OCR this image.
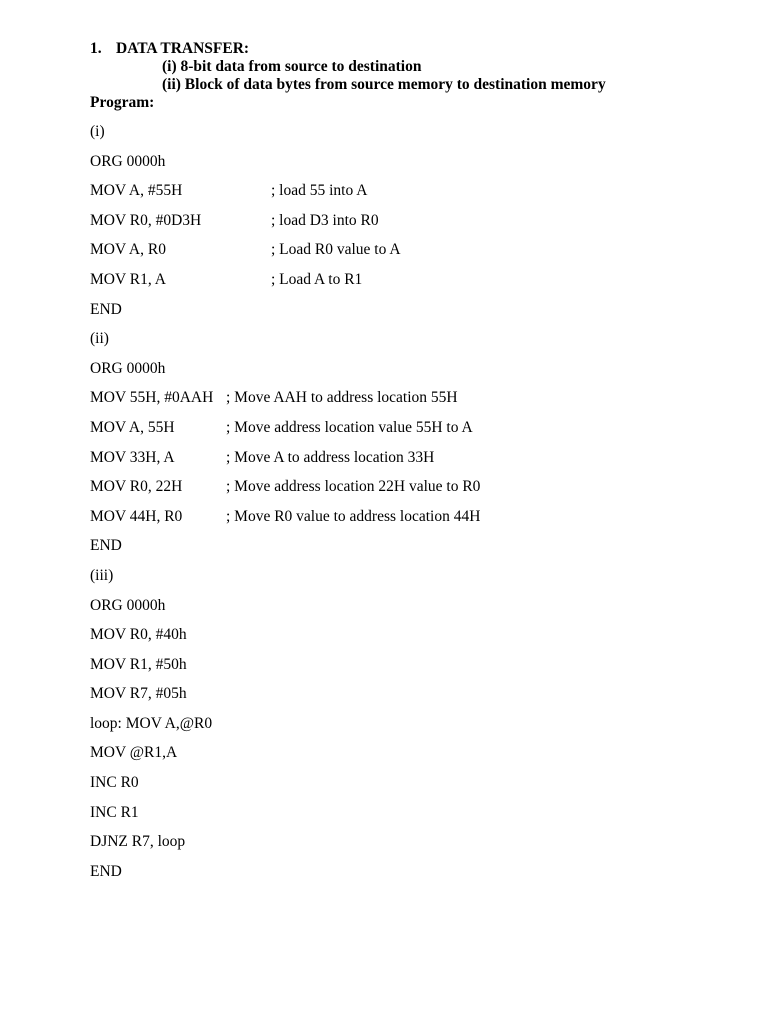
1. DATA TRANSFER:
(i) 8-bit data from source to destination
(ii) Block of data bytes from source memory to destination memory
Program:
(i)
ORG 0000h
MOV A, #55H	; load 55 into A
MOV R0, #0D3H	; load D3 into R0
MOV A, R0	; Load R0 value to A
MOV R1, A	; Load A to R1
END
(ii)
ORG 0000h
MOV 55H, #0AAH ; Move AAH to address location 55H
MOV A, 55H	; Move address location value 55H to A
MOV 33H, A	; Move A to address location 33H
MOV R0, 22H	; Move address location 22H value to R0
MOV 44H, R0	; Move R0 value to address location 44H
END
(iii)
ORG 0000h
MOV R0, #40h
MOV R1, #50h
MOV R7, #05h
loop: MOV A,@R0
MOV @R1,A
INC R0
INC R1
DJNZ R7, loop
END
